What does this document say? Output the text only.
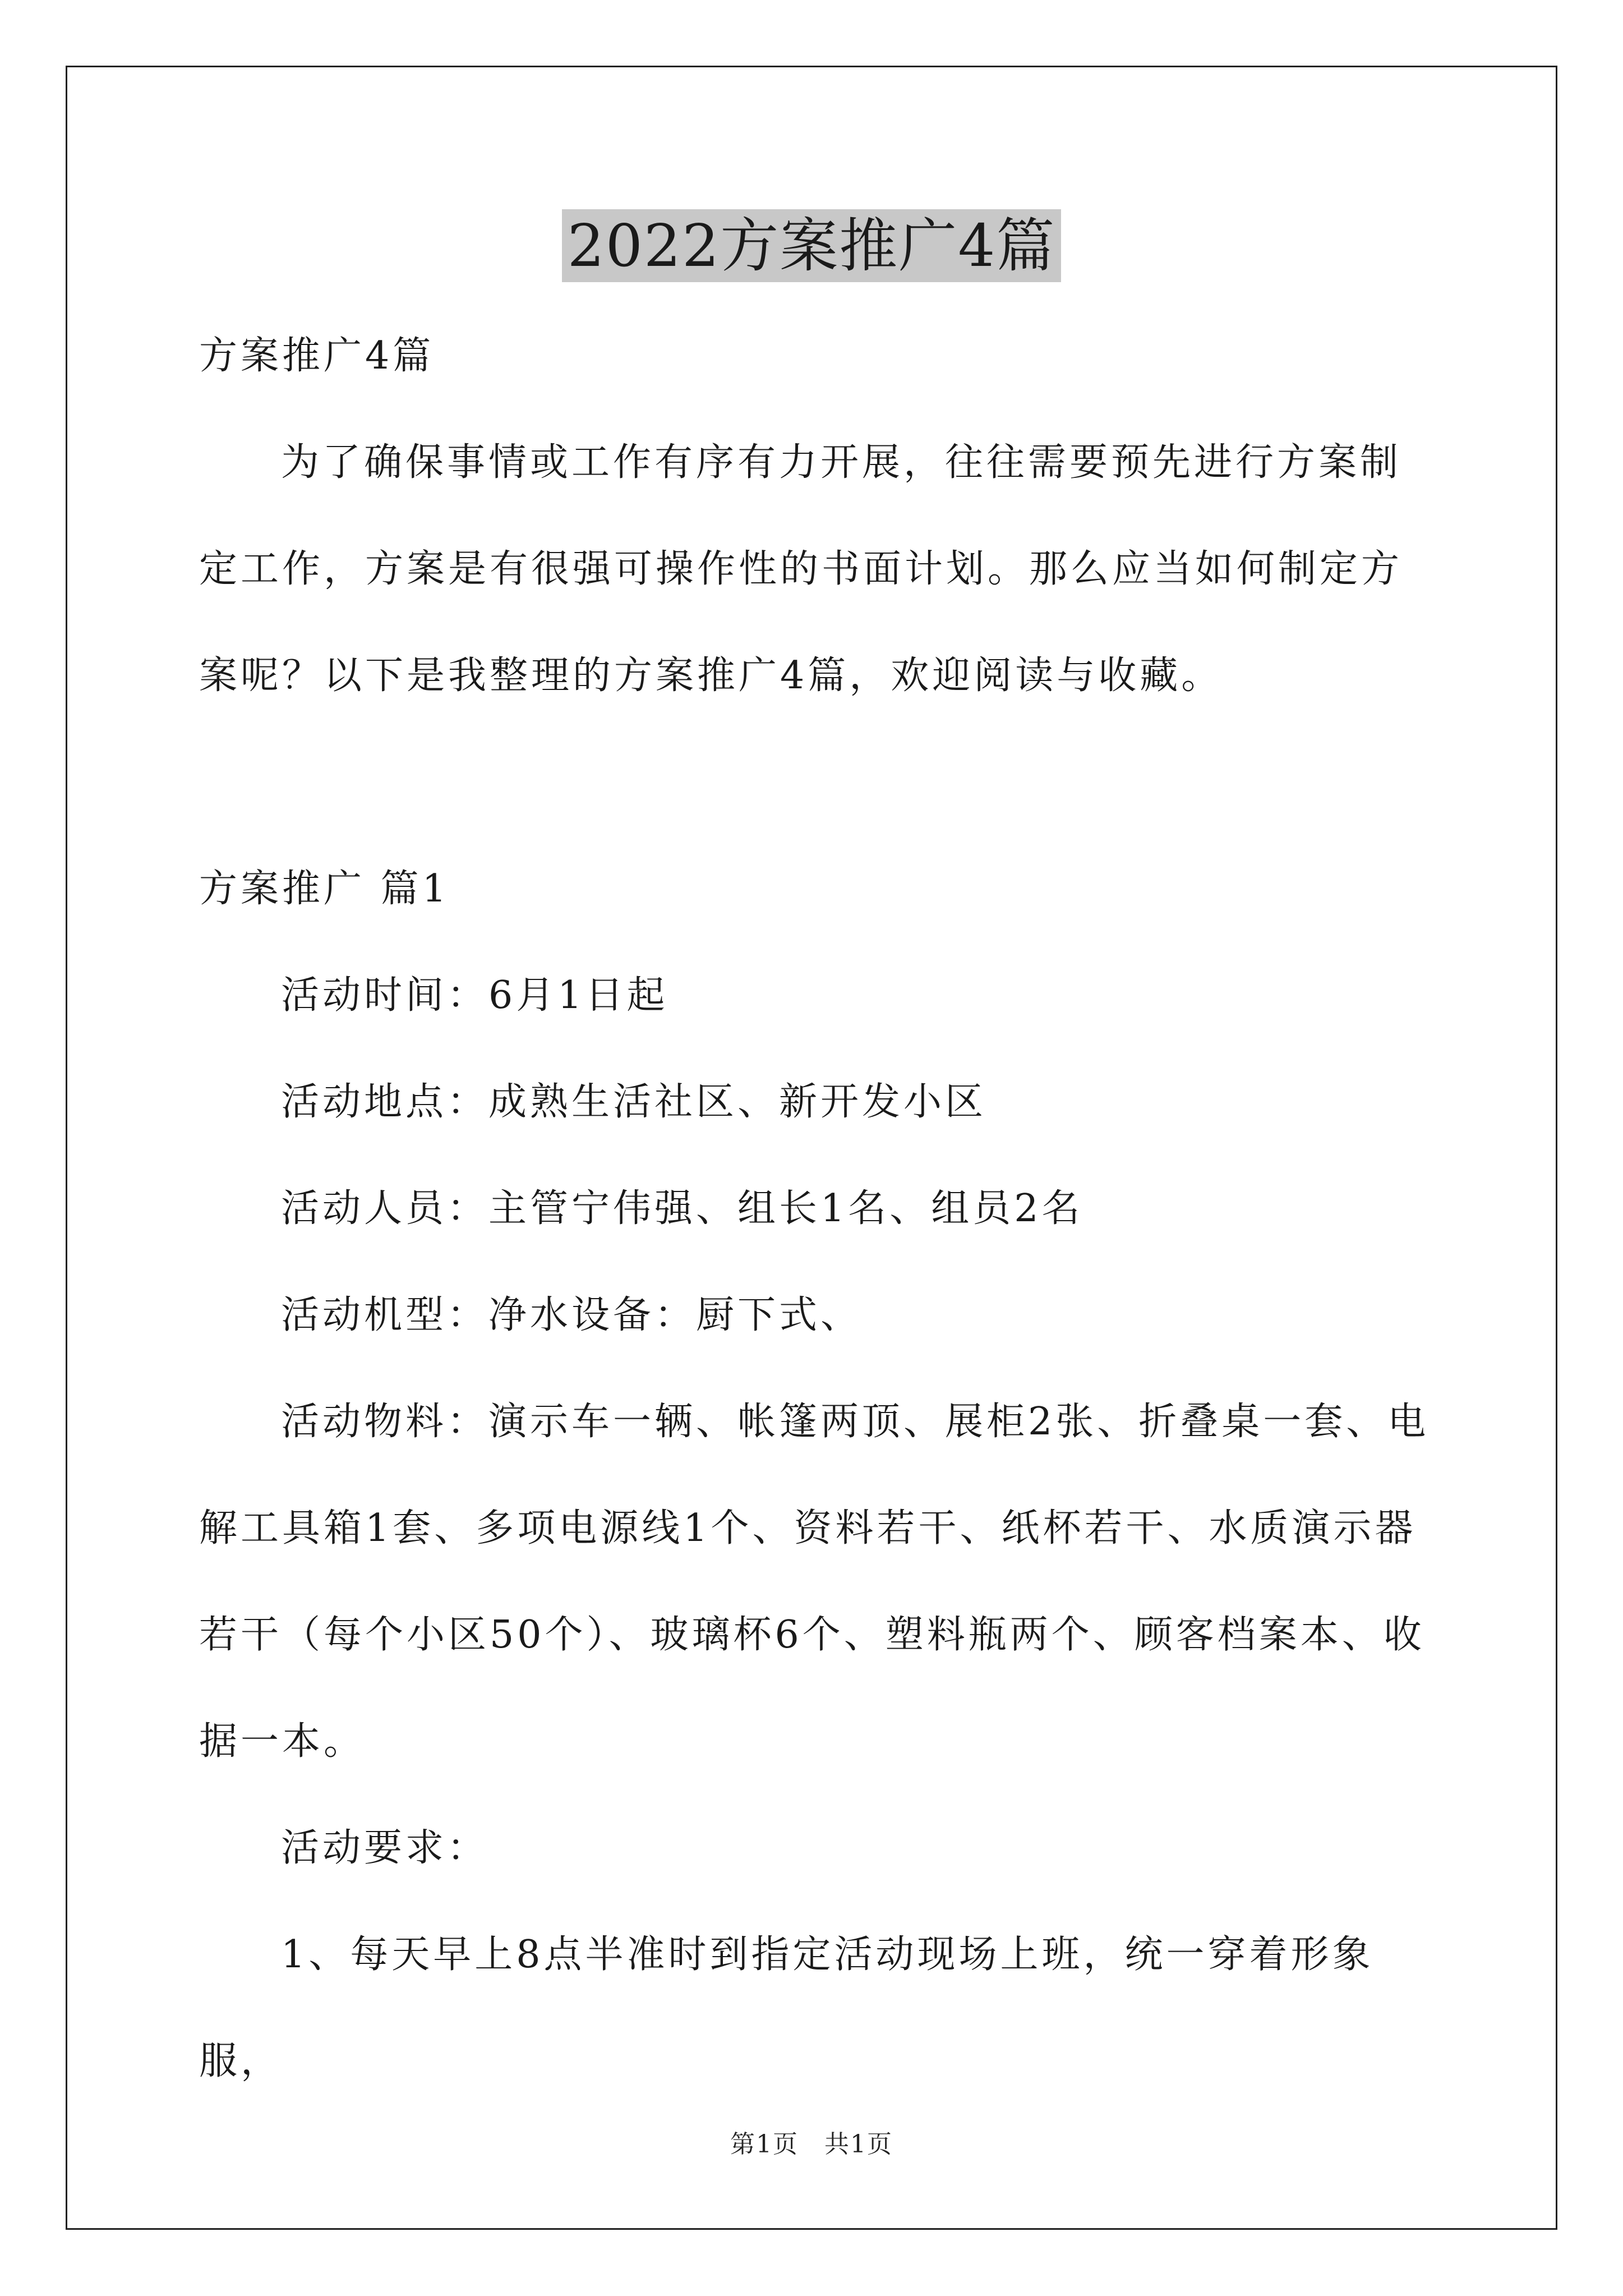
2022方案推广4篇

方案推广4篇

为了确保事情或工作有序有力开展，往往需要预先进行方案制定工作，方案是有很强可操作性的书面计划。那么应当如何制定方案呢？以下是我整理的方案推广4篇，欢迎阅读与收藏。

方案推广 篇1

活动时间：6月1日起

活动地点：成熟生活社区、新开发小区

活动人员：主管宁伟强、组长1名、组员2名

活动机型：净水设备：厨下式、

活动物料：演示车一辆、帐篷两顶、展柜2张、折叠桌一套、电解工具箱1套、多项电源线1个、资料若干、纸杯若干、水质演示器若干（每个小区50个）、玻璃杯6个、塑料瓶两个、顾客档案本、收据一本。

活动要求：

1、每天早上8点半准时到指定活动现场上班，统一穿着形象服，

第1页　共1页
